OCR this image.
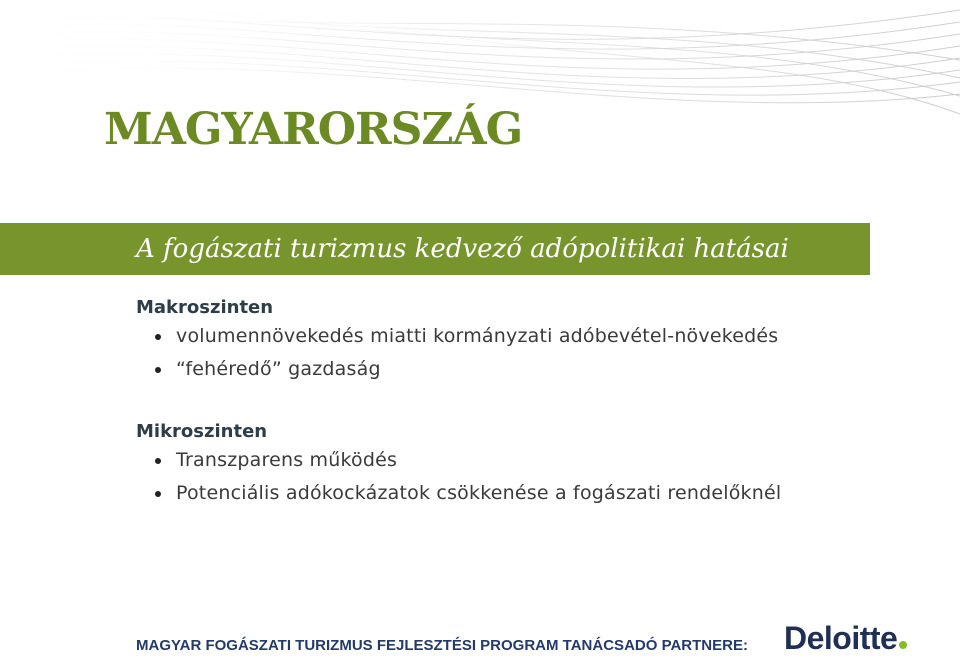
MAGYARORSZÁG
A fogászati turizmus kedvező adópolitikai hatásai

Makroszinten

volumennövekedés miatti kormányzati adóbevétel-növekedés
“fehéredő” gazdaság

Mikroszinten

Transzparens működés
Potenciális adókockázatok csökkenése a fogászati rendelőknél
MAGYAR FOGÁSZATI TURIZMUS FEJLESZTÉSI PROGRAM TANÁCSADÓ PARTNERE: Deloitte
